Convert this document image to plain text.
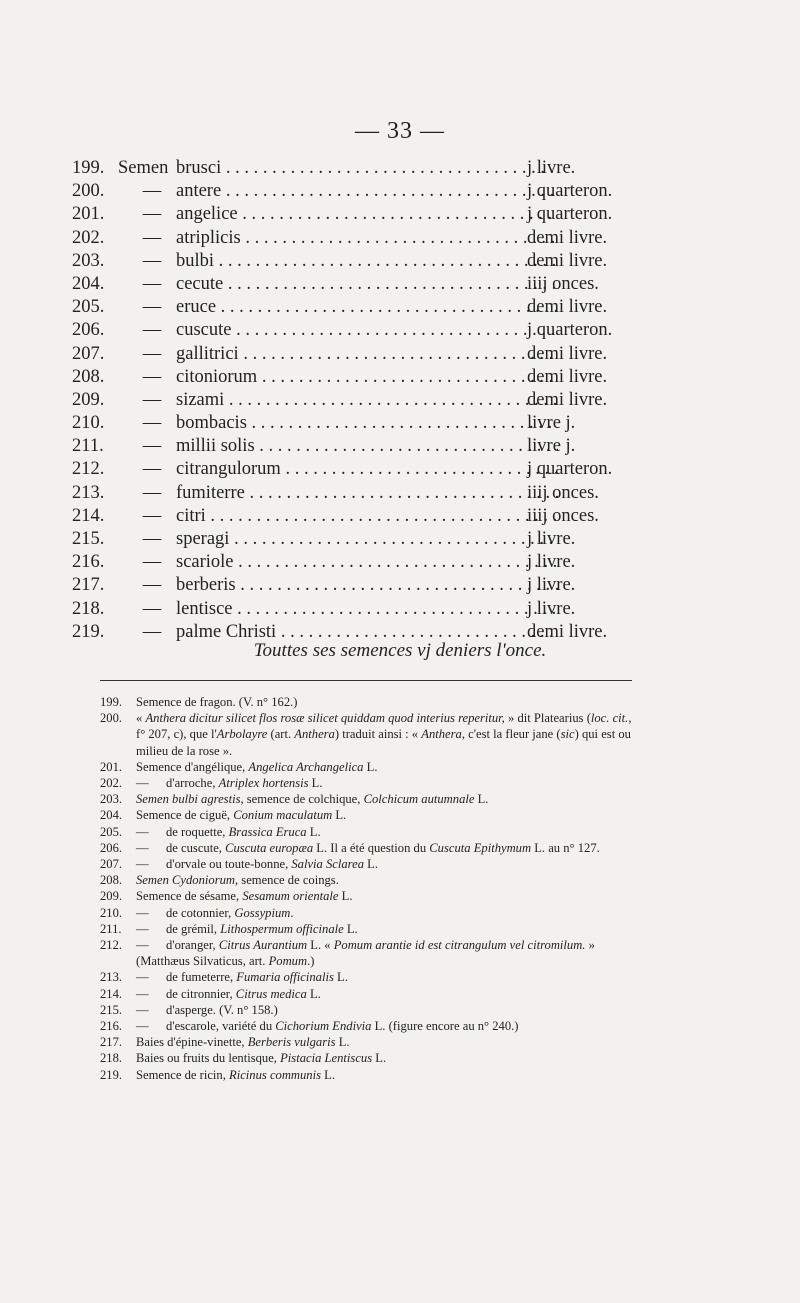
— 33 —
199. Semen brusci . . .	j livre.
200.	— antere . . .	j quarteron.
201.	— angelice . . .	j quarteron.
202.	— atriplicis . . .	demi livre.
203.	— bulbi . . .	demi livre.
204.	— cecute . . .	iiij onces.
205.	— eruce . . .	demi livre.
206.	— cuscute . . .	j quarteron.
207.	— gallitrici . . .	demi livre.
208.	— citoniorum . . .	demi livre.
209.	— sizami . . .	demi livre.
210.	— bombacis . . .	livre j.
211.	— millii solis . . .	livre j.
212.	— citrangulorum . . .	j quarteron.
213.	— fumiterre . . .	iiij onces.
214.	— citri . . .	iiij onces.
215.	— speragi . . .	j livre.
216.	— scariole . . .	j livre.
217.	— berberis . . .	j livre.
218.	— lentisce . . .	j livre.
219.	— palme Christi . . .	demi livre.
Touttes ses semences vj deniers l'once.
199. Semence de fragon. (V. n° 162.)
200. « Anthera dicitur silicet flos rosæ silicet quiddam quod interius reperitur, » dit Platearius (loc. cit., f° 207, c), que l'Arbolayre (art. Anthera) traduit ainsi : « Anthera, c'est la fleur jane (sic) qui est ou milieu de la rose ».
201. Semence d'angélique, Angelica Archangelica L.
202. — d'arroche, Atriplex hortensis L.
203. Semen bulbi agrestis, semence de colchique, Colchicum autumnale L.
204. Semence de ciguë, Conium maculatum L.
205. — de roquette, Brassica Eruca L.
206. — de cuscute, Cuscuta europæa L. Il a été question du Cuscuta Epithymum L. au n° 127.
207. — d'orvale ou toute-bonne, Salvia Sclarea L.
208. Semen Cydoniorum, semence de coings.
209. Semence de sésame, Sesamum orientale L.
210. — de cotonnier, Gossypium.
211. — de grémil, Lithospermum officinale L.
212. — d'oranger, Citrus Aurantium L. « Pomum arantie id est citrangulum vel citromilum. » (Matthæus Silvaticus, art. Pomum.)
213. — de fumeterre, Fumaria officinalis L.
214. — de citronnier, Citrus medica L.
215. — d'asperge. (V. n° 158.)
216. — d'escarole, variété du Cichorium Endivia L. (figure encore au n° 240.)
217. Baies d'épine-vinette, Berberis vulgaris L.
218. Baies ou fruits du lentisque, Pistacia Lentiscus L.
219. Semence de ricin, Ricinus communis L.
